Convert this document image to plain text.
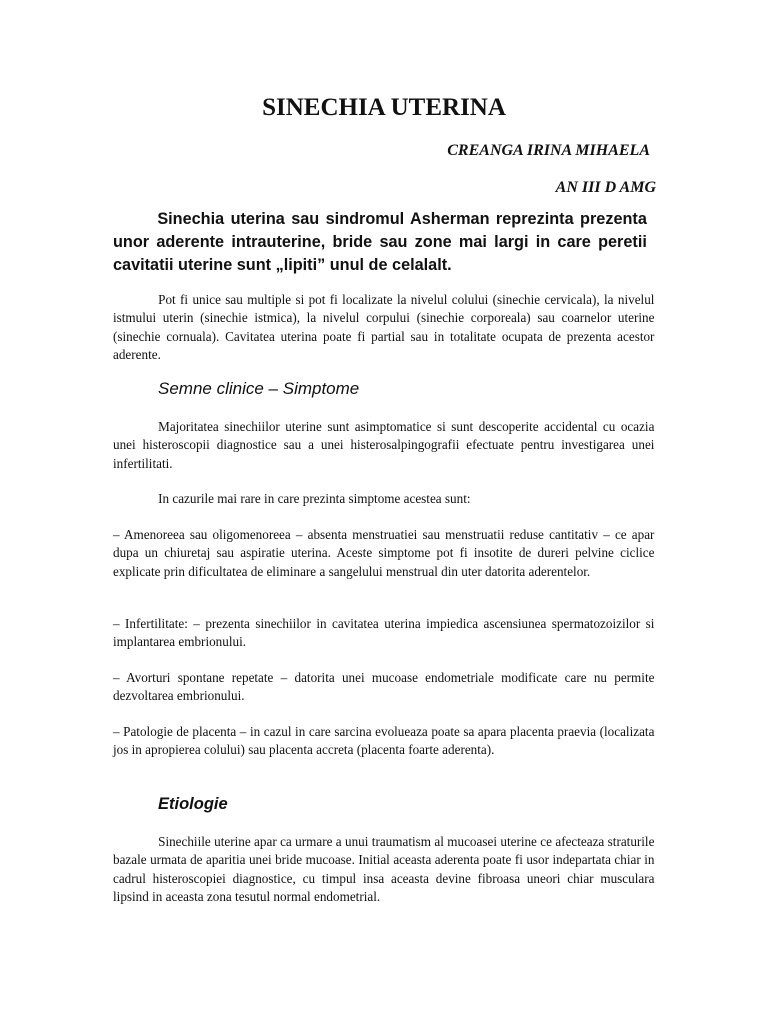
SINECHIA UTERINA
CREANGA IRINA MIHAELA
AN III D AMG

Sinechia uterina sau sindromul Asherman reprezinta prezenta unor aderente intrauterine, bride sau zone mai largi in care peretii cavitatii uterine sunt „lipiti” unul de celalalt.

Pot fi unice sau multiple si pot fi localizate la nivelul colului (sinechie cervicala), la nivelul istmului uterin (sinechie istmica), la nivelul corpului (sinechie corporeala) sau coarnelor uterine (sinechie cornuala). Cavitatea uterina poate fi partial sau in totalitate ocupata de prezenta acestor aderente.

Semne clinice – Simptome

Majoritatea sinechiilor uterine sunt asimptomatice si sunt descoperite accidental cu ocazia unei histeroscopii diagnostice sau a unei histerosalpingografii efectuate pentru investigarea unei infertilitati.

In cazurile mai rare in care prezinta simptome acestea sunt:

– Amenoreea sau oligomenoreea – absenta menstruatiei sau menstruatii reduse cantitativ – ce apar dupa un chiuretaj sau aspiratie uterina. Aceste simptome pot fi insotite de dureri pelvine ciclice explicate prin dificultatea de eliminare a sangelului menstrual din uter datorita aderentelor.

– Infertilitate: – prezenta sinechiilor in cavitatea uterina impiedica ascensiunea spermatozoizilor si implantarea embrionului.

– Avorturi spontane repetate – datorita unei mucoase endometriale modificate care nu permite dezvoltarea embrionului.

– Patologie de placenta – in cazul in care sarcina evolueaza poate sa apara placenta praevia (localizata jos in apropierea colului) sau placenta accreta (placenta foarte aderenta).

Etiologie

Sinechiile uterine apar ca urmare a unui traumatism al mucoasei uterine ce afecteaza straturile bazale urmata de aparitia unei bride mucoase. Initial aceasta aderenta poate fi usor indepartata chiar in cadrul histeroscopiei diagnostice, cu timpul insa aceasta devine fibroasa uneori chiar musculara lipsind in aceasta zona tesutul normal endometrial.
